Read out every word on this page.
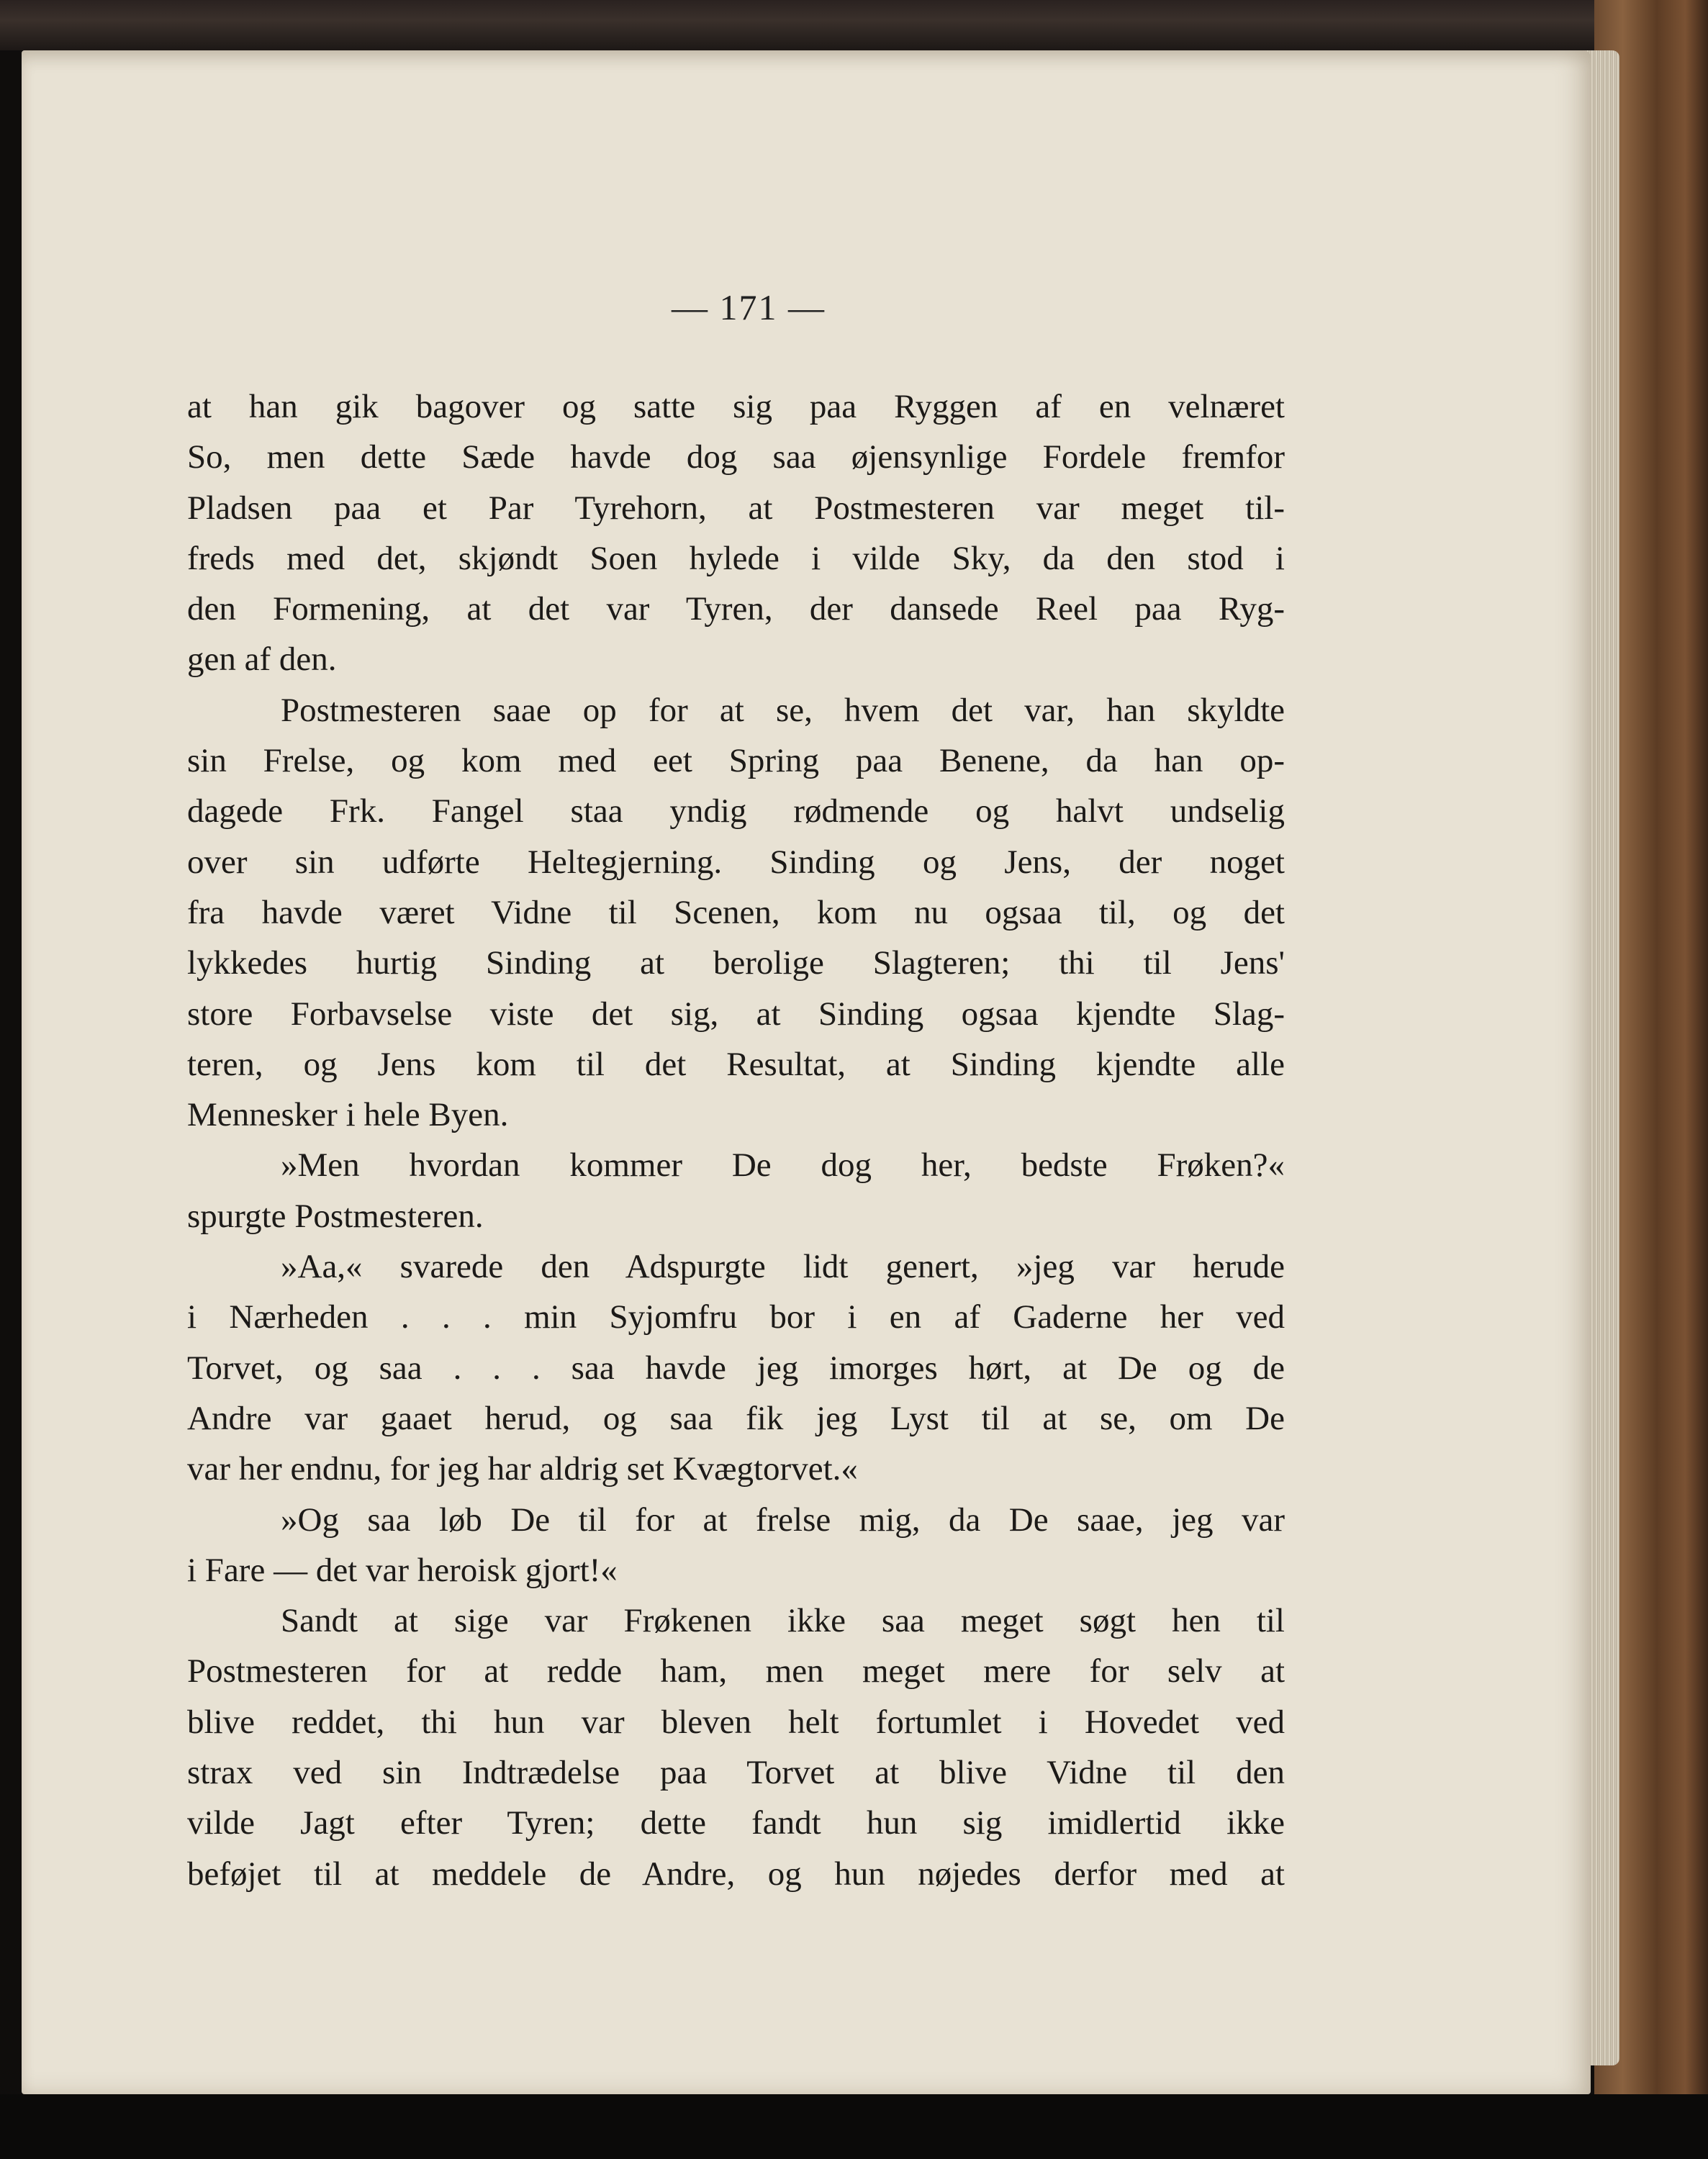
— 171 —
at han gik bagover og satte sig paa Ryggen af en velnæret
So, men dette Sæde havde dog saa øjensynlige Fordele fremfor
Pladsen paa et Par Tyrehorn, at Postmesteren var meget til-
freds med det, skjøndt Soen hylede i vilde Sky, da den stod i
den Formening, at det var Tyren, der dansede Reel paa Ryg-
gen af den.
Postmesteren saae op for at se, hvem det var, han skyldte
sin Frelse, og kom med eet Spring paa Benene, da han op-
dagede Frk. Fangel staa yndig rødmende og halvt undselig
over sin udførte Heltegjerning. Sinding og Jens, der noget
fra havde været Vidne til Scenen, kom nu ogsaa til, og det
lykkedes hurtig Sinding at berolige Slagteren; thi til Jens'
store Forbavselse viste det sig, at Sinding ogsaa kjendte Slag-
teren, og Jens kom til det Resultat, at Sinding kjendte alle
Mennesker i hele Byen.
»Men hvordan kommer De dog her, bedste Frøken?«
spurgte Postmesteren.
»Aa,« svarede den Adspurgte lidt genert, »jeg var herude
i Nærheden . . . min Syjomfru bor i en af Gaderne her ved
Torvet, og saa . . . saa havde jeg imorges hørt, at De og de
Andre var gaaet herud, og saa fik jeg Lyst til at se, om De
var her endnu, for jeg har aldrig set Kvægtorvet.«
»Og saa løb De til for at frelse mig, da De saae, jeg var
i Fare — det var heroisk gjort!«
Sandt at sige var Frøkenen ikke saa meget søgt hen til
Postmesteren for at redde ham, men meget mere for selv at
blive reddet, thi hun var bleven helt fortumlet i Hovedet ved
strax ved sin Indtrædelse paa Torvet at blive Vidne til den
vilde Jagt efter Tyren; dette fandt hun sig imidlertid ikke
beføjet til at meddele de Andre, og hun nøjedes derfor med at
